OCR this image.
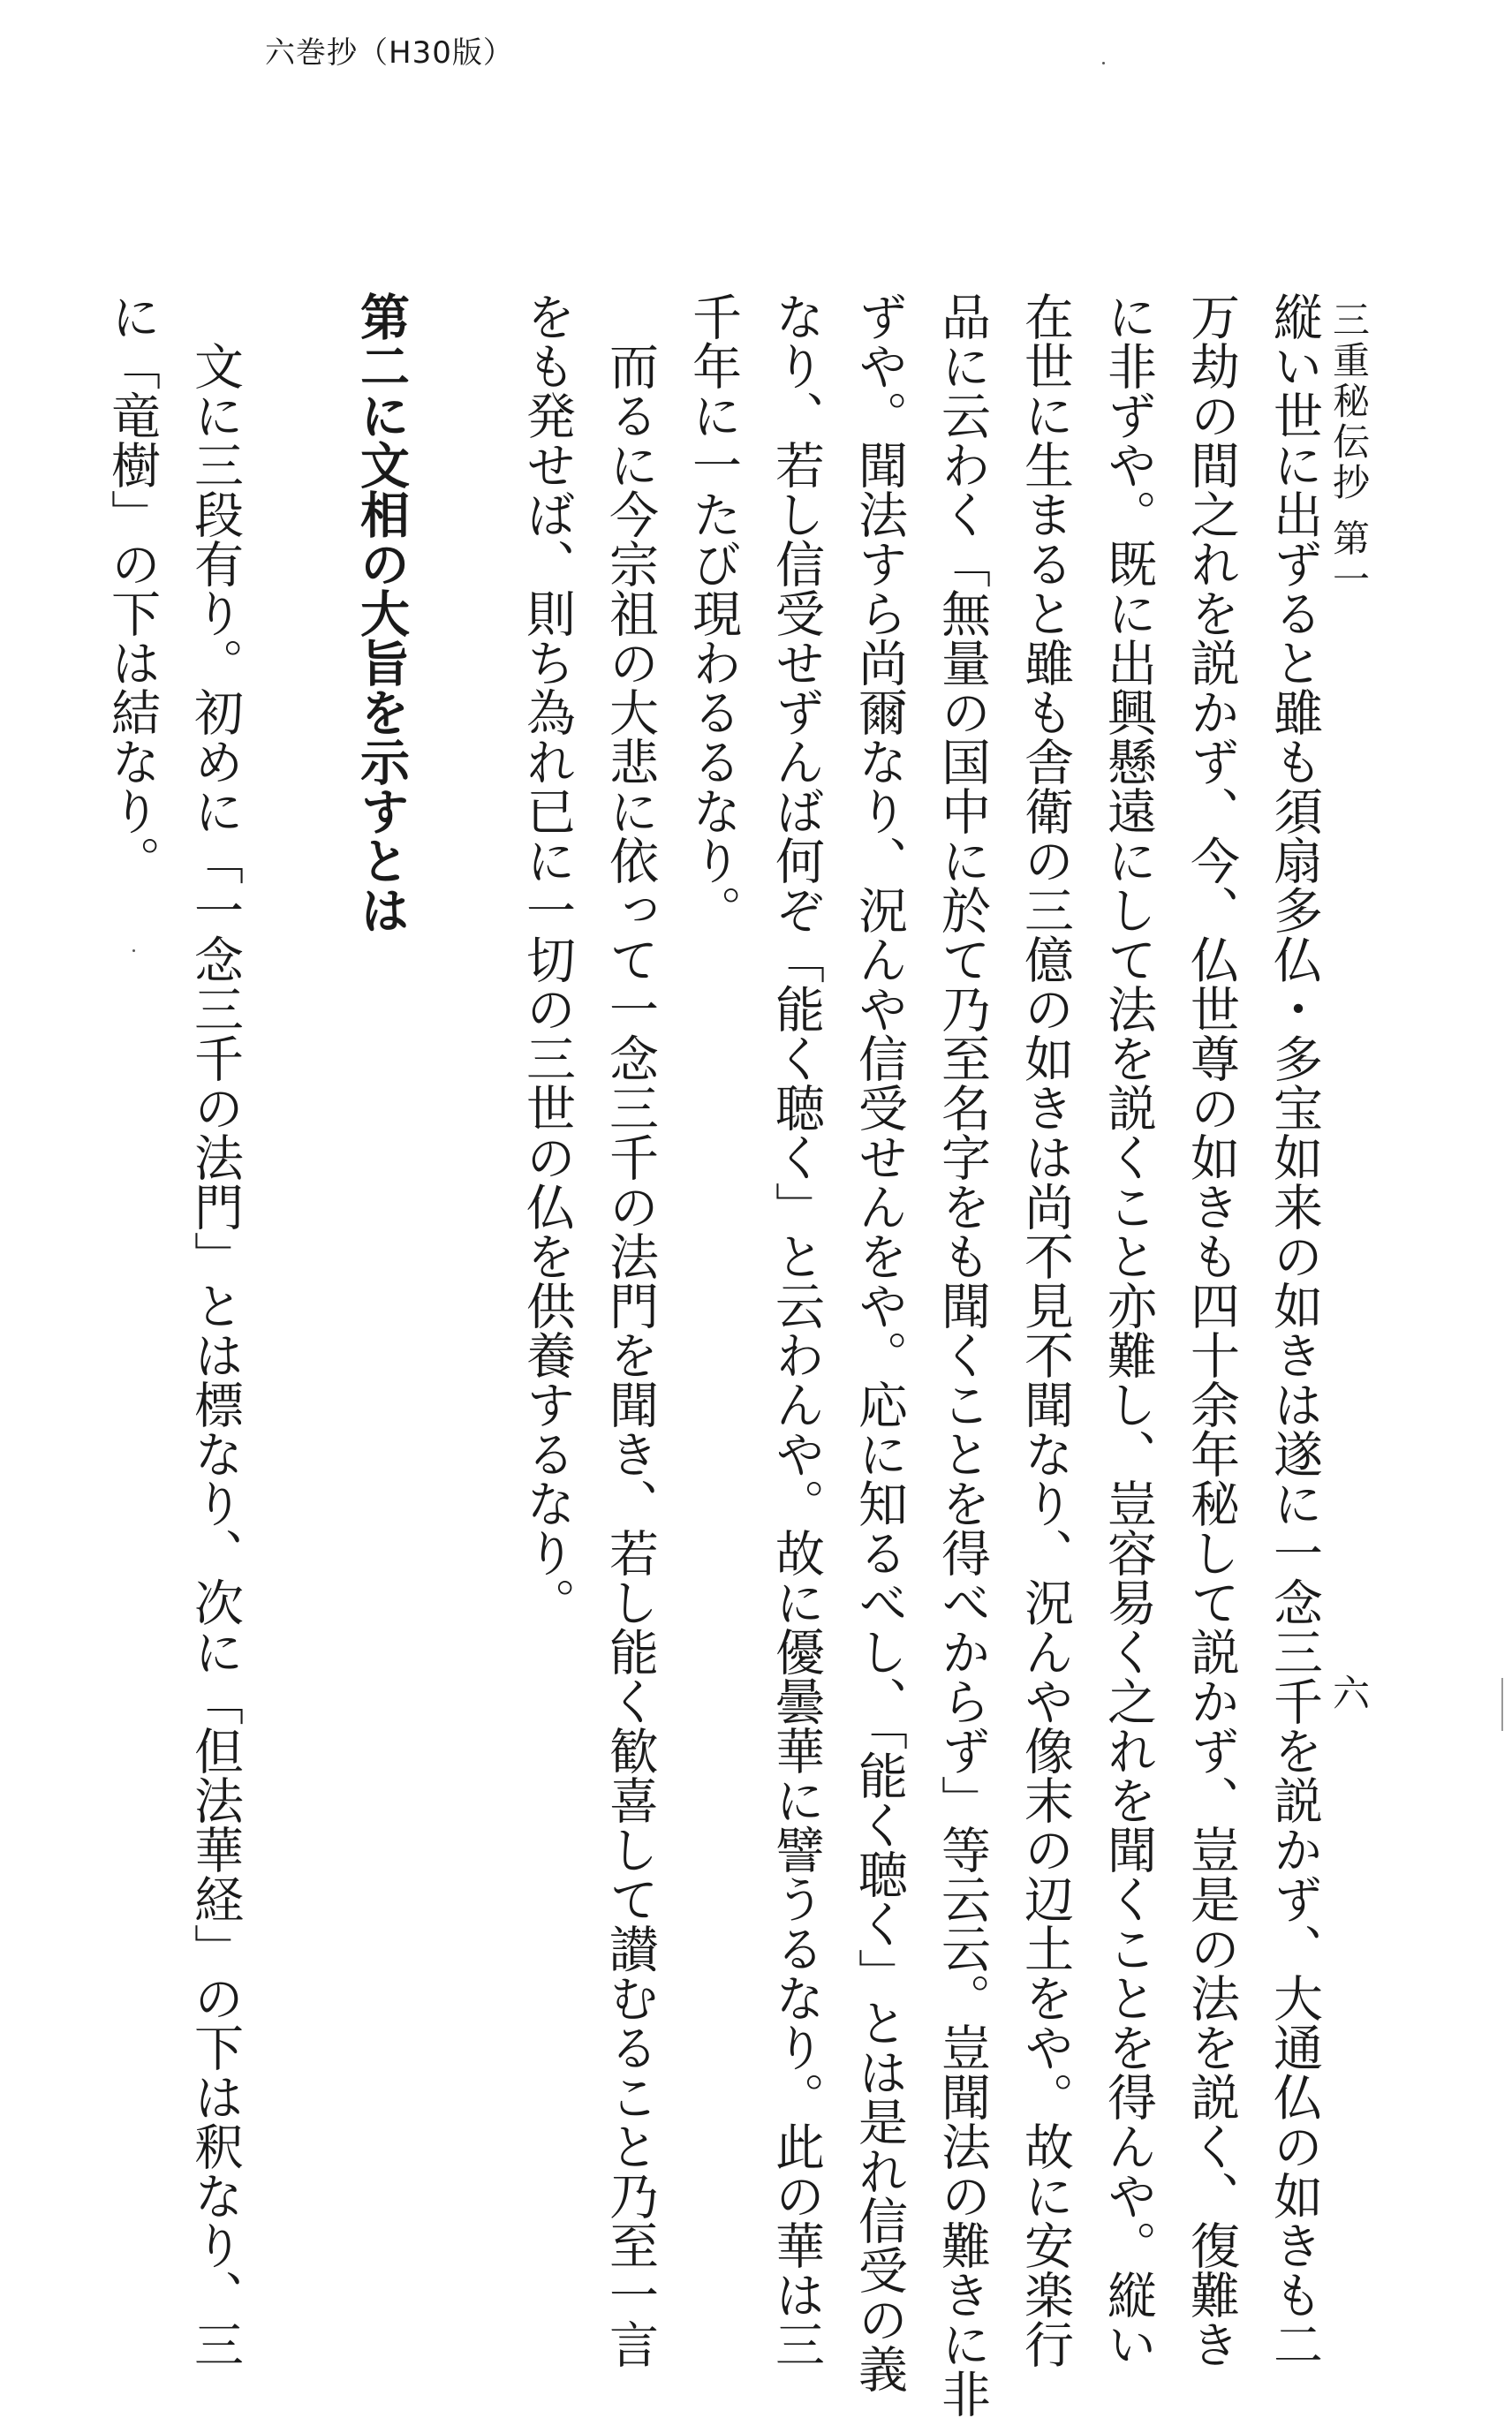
六巻抄（H30版）
三重秘伝抄 第一
六

縦い世に出ずると雖も須扇多仏・多宝如来の如きは遂に一念三千を説かず、大通仏の如きも二

万劫の間之れを説かず、今、仏世尊の如きも四十余年秘して説かず、豈是の法を説く、復難き

に非ずや。既に出興懸遠にして法を説くこと亦難し、豈容易く之れを聞くことを得んや。縦い

在世に生まると雖も舎衛の三億の如きは尚不見不聞なり、況んや像末の辺土をや。故に安楽行

品に云わく「無量の国中に於て乃至名字をも聞くことを得べからず」等云云。豈聞法の難きに非

ずや。聞法すら尚爾なり、況んや信受せんをや。応に知るべし、「能く聴く」とは是れ信受の義

なり、若し信受せずんば何ぞ「能く聴く」と云わんや。故に優曇華に譬うるなり。此の華は三

千年に一たび現わるるなり。

　而るに今宗祖の大悲に依って一念三千の法門を聞き、若し能く歓喜して讃むること乃至一言

をも発せば、則ち為れ已に一切の三世の仏を供養するなり。

第二に文相の大旨を示すとは

　文に三段有り。初めに「一念三千の法門」とは標なり、次に「但法華経」の下は釈なり、三

に「竜樹」の下は結なり。
